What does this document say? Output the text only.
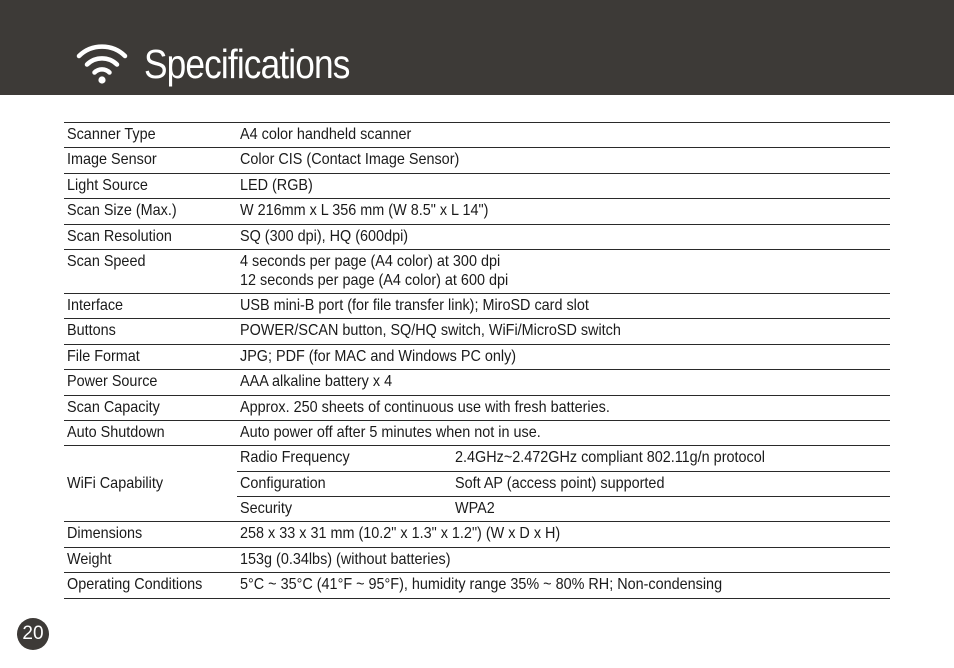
Specifications
Scanner Type	A4 color handheld scanner	
Image Sensor	Color CIS (Contact Image Sensor)	
Light Source	LED (RGB)	
Scan Size (Max.)	W 216mm x L 356 mm (W 8.5" x L 14")	
Scan Resolution	SQ (300 dpi), HQ (600dpi)	
Scan Speed	4 seconds per page (A4 color) at 300 dpi
12 seconds per page (A4 color) at 600 dpi	
Interface	USB mini-B port (for file transfer link); MiroSD card slot	
Buttons	POWER/SCAN button, SQ/HQ switch, WiFi/MicroSD switch	
File Format	JPG; PDF (for MAC and Windows PC only)	
Power Source	AAA alkaline battery x 4	
Scan Capacity	Approx. 250 sheets of continuous use with fresh batteries.	
Auto Shutdown	Auto power off after 5 minutes when not in use.	
WiFi Capability	Radio Frequency	2.4GHz~2.472GHz compliant 802.11g/n protocol
	Configuration	Soft AP (access point) supported
	Security	WPA2
Dimensions	258 x 33 x 31 mm (10.2" x 1.3" x 1.2") (W x D x H)	
Weight	153g (0.34lbs) (without batteries)	
Operating Conditions	5°C ~ 35°C (41°F ~ 95°F), humidity range 35% ~ 80% RH; Non-condensing	
20
